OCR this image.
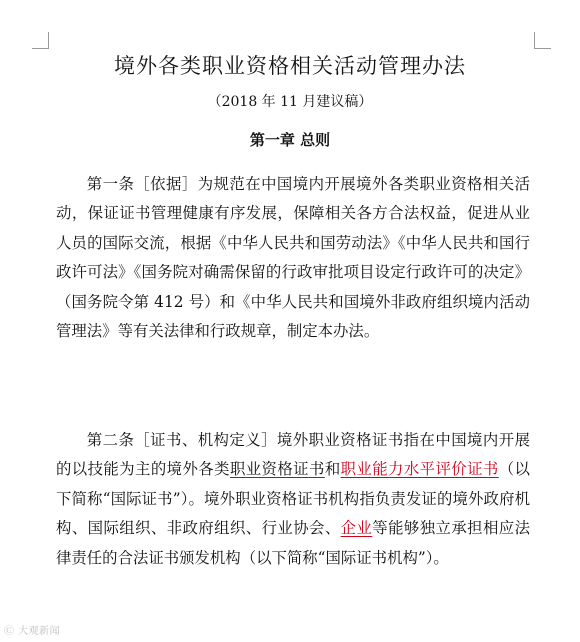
境外各类职业资格相关活动管理办法
（2018 年 11 月建议稿）
第一章 总则

第一条［依据］为规范在中国境内开展境外各类职业资格相关活动，保证证书管理健康有序发展，保障相关各方合法权益，促进从业人员的国际交流，根据《中华人民共和国劳动法》《中华人民共和国行政许可法》《国务院对确需保留的行政审批项目设定行政许可的决定》（国务院令第 412 号）和《中华人民共和国境外非政府组织境内活动管理法》等有关法律和行政规章，制定本办法。

第二条［证书、机构定义］境外职业资格证书指在中国境内开展的以技能为主的境外各类职业资格证书和职业能力水平评价证书（以下简称“国际证书”）。境外职业资格证书机构指负责发证的境外政府机构、国际组织、非政府组织、行业协会、企业等能够独立承担相应法律责任的合法证书颁发机构（以下简称“国际证书机构”）。

Ⓒ 大观新闻
